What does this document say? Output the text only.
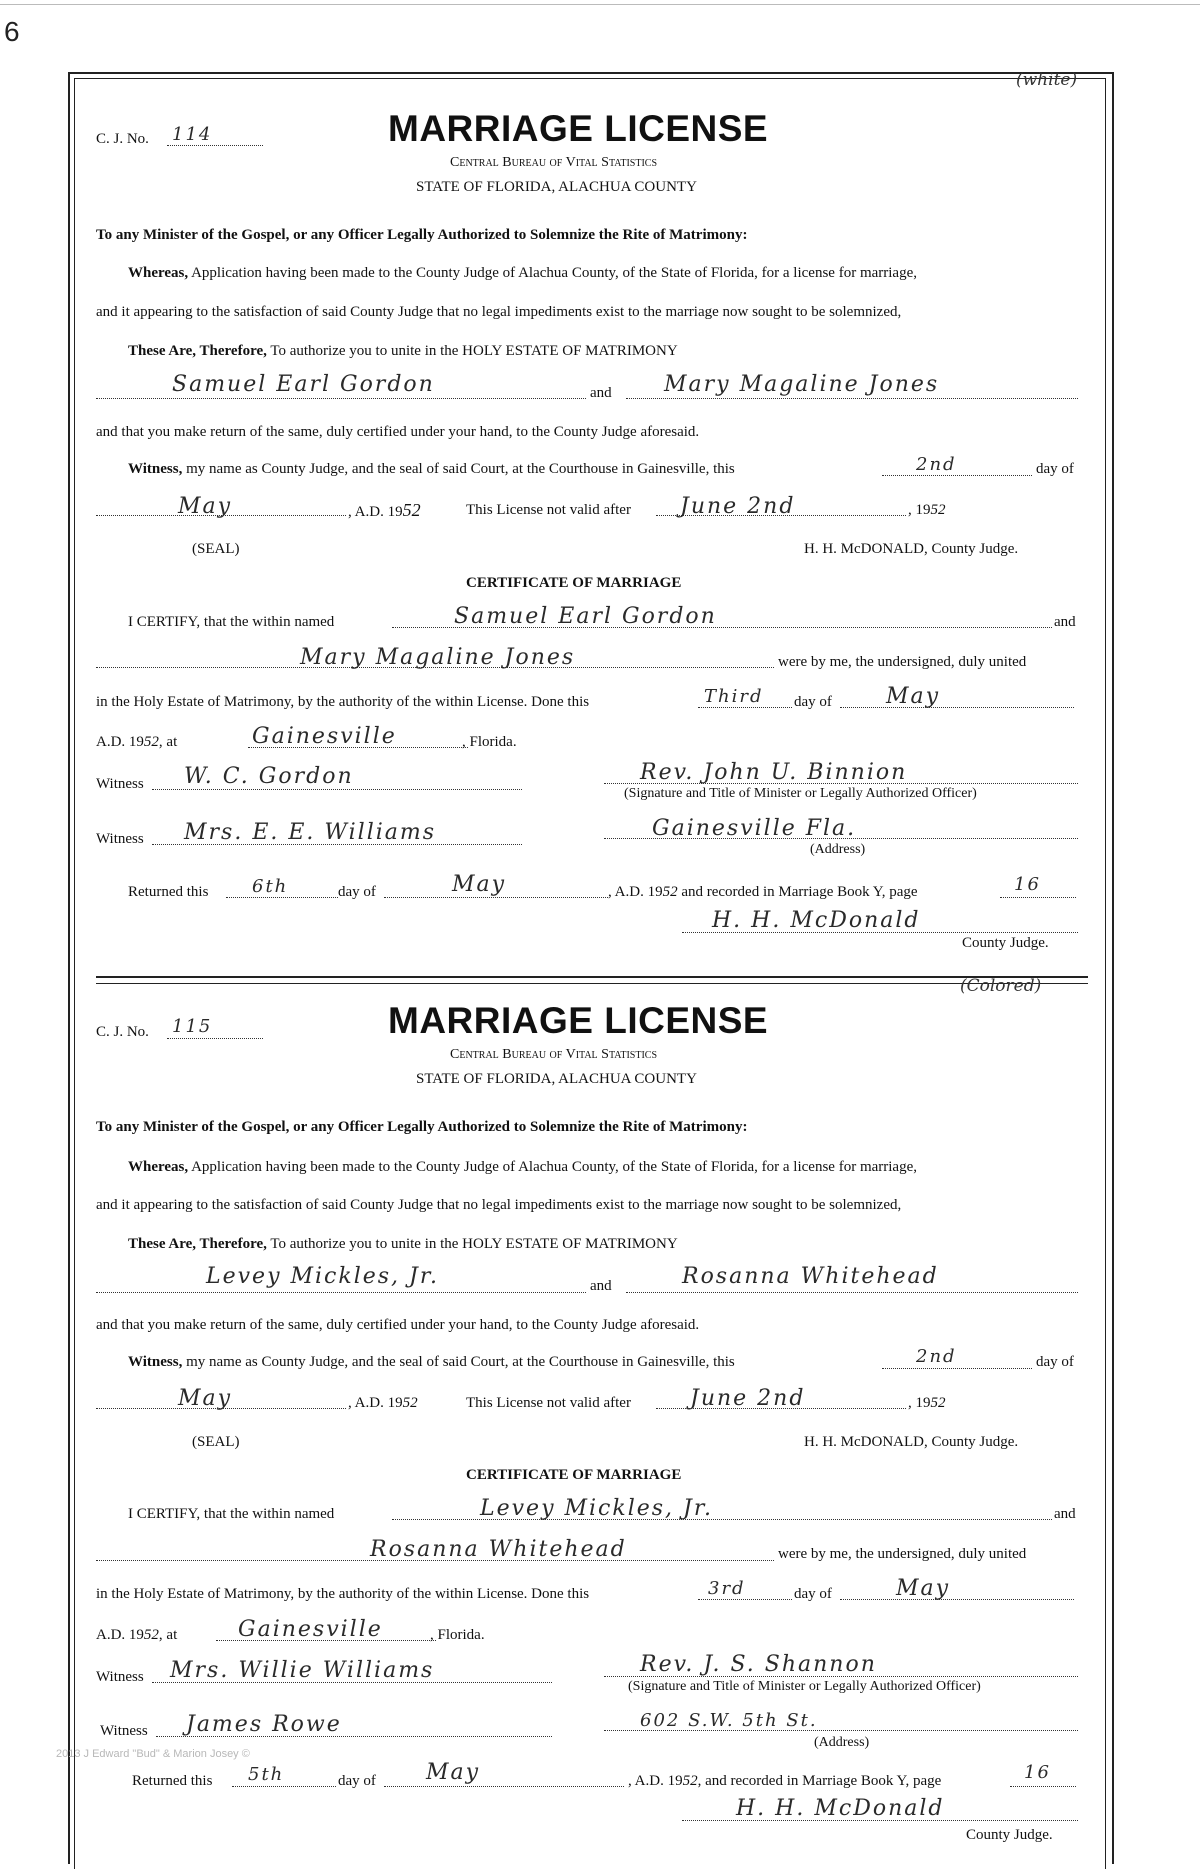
6
(white)
C. J. No. 114	MARRIAGE LICENSE
Central Bureau of Vital Statistics
STATE OF FLORIDA, ALACHUA COUNTY
To any Minister of the Gospel, or any Officer Legally Authorized to Solemnize the Rite of Matrimony:
Whereas, Application having been made to the County Judge of Alachua County, of the State of Florida, for a license for marriage,
and it appearing to the satisfaction of said County Judge that no legal impediments exist to the marriage now sought to be solemnized,
These Are, Therefore, To authorize you to unite in the HOLY ESTATE OF MATRIMONY
Samuel Earl Gordon	and Mary Magaline Jones
and that you make return of the same, duly certified under your hand, to the County Judge aforesaid.
Witness, my name as County Judge, and the seal of said Court, at the Courthouse in Gainesville, this	2nd	day of
May	, A.D. 1952	This License not valid after June 2nd	, 1952
(SEAL)	H. H. McDONALD, County Judge.
CERTIFICATE OF MARRIAGE
I CERTIFY, that the within named	Samuel Earl Gordon	and
Mary Magaline Jones	were by me, the undersigned, duly united
in the Holy Estate of Matrimony, by the authority of the within License. Done this	Third day of May
A.D. 1952, at	Gainesville	, Florida.
Witness W. C. Gordon	Rev. John U. Binnion
(Signature and Title of Minister or Legally Authorized Officer)
Witness Mrs. E. E. Williams	Gainesville Fla.
(Address)
Returned this 6th	day of	May	, A.D. 1952 and recorded in Marriage Book Y, page	16
H. H. McDonald
County Judge.
(Colored)
C. J. No. 115	MARRIAGE LICENSE
Central Bureau of Vital Statistics
STATE OF FLORIDA, ALACHUA COUNTY
To any Minister of the Gospel, or any Officer Legally Authorized to Solemnize the Rite of Matrimony:
Whereas, Application having been made to the County Judge of Alachua County, of the State of Florida, for a license for marriage,
and it appearing to the satisfaction of said County Judge that no legal impediments exist to the marriage now sought to be solemnized,
These Are, Therefore, To authorize you to unite in the HOLY ESTATE OF MATRIMONY
Levey Mickles, Jr.	and	Rosanna Whitehead
and that you make return of the same, duly certified under your hand, to the County Judge aforesaid.
Witness, my name as County Judge, and the seal of said Court, at the Courthouse in Gainesville, this	2nd	day of
May	, A.D. 1952	This License not valid after	June 2nd	, 1952
(SEAL)	H. H. McDONALD, County Judge.
CERTIFICATE OF MARRIAGE
I CERTIFY, that the within named	Levey Mickles, Jr.	and
Rosanna Whitehead	were by me, the undersigned, duly united
in the Holy Estate of Matrimony, by the authority of the within License. Done this	3rd	day of	May
A.D. 1952, at	Gainesville	, Florida.
Witness Mrs. Willie Williams	Rev. J. S. Shannon
(Signature and Title of Minister or Legally Authorized Officer)
Witness James Rowe	602 S.W. 5th St.
(Address)
2013 J Edward "Bud" & Marion Josey ©
Returned this 5th	day of May	, A.D. 1952, and recorded in Marriage Book Y, page	16
H. H. McDonald
County Judge.
